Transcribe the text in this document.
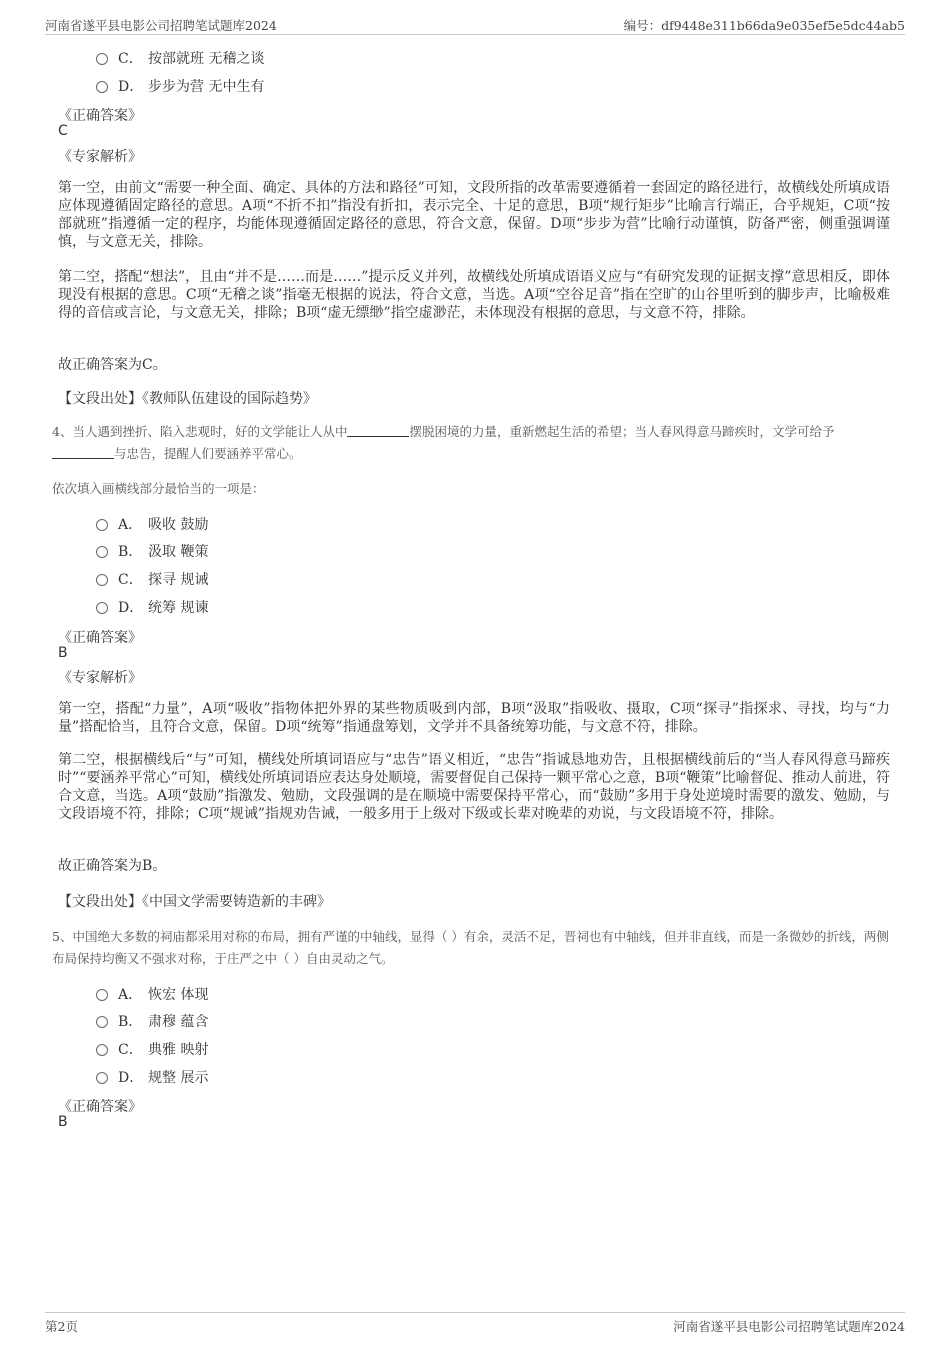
河南省遂平县电影公司招聘笔试题库2024	编号：df9448e311b66da9e035ef5e5dc44ab5
C． 按部就班 无稽之谈
D． 步步为营 无中生有
《正确答案》
C
《专家解析》

第一空，由前文“需要一种全面、确定、具体的方法和路径”可知，文段所指的改革需要遵循着一套固定的路径进行，故横线处所填成语应体现遵循固定路径的意思。A项“不折不扣”指没有折扣，表示完全、十足的意思，B项“规行矩步”比喻言行端正，合乎规矩，C项“按部就班”指遵循一定的程序，均能体现遵循固定路径的意思，符合文意，保留。D项“步步为营”比喻行动谨慎，防备严密，侧重强调谨慎，与文意无关，排除。

第二空，搭配“想法”，且由“并不是……而是……”提示反义并列，故横线处所填成语语义应与“有研究发现的证据支撑”意思相反，即体现没有根据的意思。C项“无稽之谈”指毫无根据的说法，符合文意，当选。A项“空谷足音”指在空旷的山谷里听到的脚步声，比喻极难得的音信或言论，与文意无关，排除；B项“虚无缥缈”指空虚渺茫，未体现没有根据的意思，与文意不符，排除。

故正确答案为C。

【文段出处】《教师队伍建设的国际趋势》

4、当人遇到挫折、陷入悲观时，好的文学能让人从中	摆脱困境的力量，重新燃起生活的希望；当人春风得意马蹄疾时，文学可给予
与忠告，提醒人们要涵养平常心。

依次填入画横线部分最恰当的一项是：
A． 吸收 鼓励
B． 汲取 鞭策
C． 探寻 规诫
D． 统筹 规谏
《正确答案》
B
《专家解析》

第一空，搭配“力量”，A项“吸收”指物体把外界的某些物质吸到内部，B项“汲取”指吸收、摄取，C项“探寻”指探求、寻找，均与“力量”搭配恰当，且符合文意，保留。D项“统筹”指通盘筹划，文学并不具备统筹功能，与文意不符，排除。

第二空，根据横线后“与”可知，横线处所填词语应与“忠告”语义相近，“忠告”指诚恳地劝告，且根据横线前后的“当人春风得意马蹄疾时”“要涵养平常心”可知，横线处所填词语应表达身处顺境，需要督促自己保持一颗平常心之意，B项“鞭策”比喻督促、推动人前进，符合文意，当选。A项“鼓励”指激发、勉励，文段强调的是在顺境中需要保持平常心，而“鼓励”多用于身处逆境时需要的激发、勉励，与文段语境不符，排除；C项“规诫”指规劝告诫，一般多用于上级对下级或长辈对晚辈的劝说，与文段语境不符，排除。

故正确答案为B。

【文段出处】《中国文学需要铸造新的丰碑》

5、中国绝大多数的祠庙都采用对称的布局，拥有严谨的中轴线，显得（ ）有余，灵活不足，晋祠也有中轴线，但并非直线，而是一条微妙的折线，两侧布局保持均衡又不强求对称，于庄严之中（ ）自由灵动之气。

A． 恢宏 体现
B． 肃穆 蕴含
C． 典雅 映射
D． 规整 展示
《正确答案》
B
第2页	河南省遂平县电影公司招聘笔试题库2024
